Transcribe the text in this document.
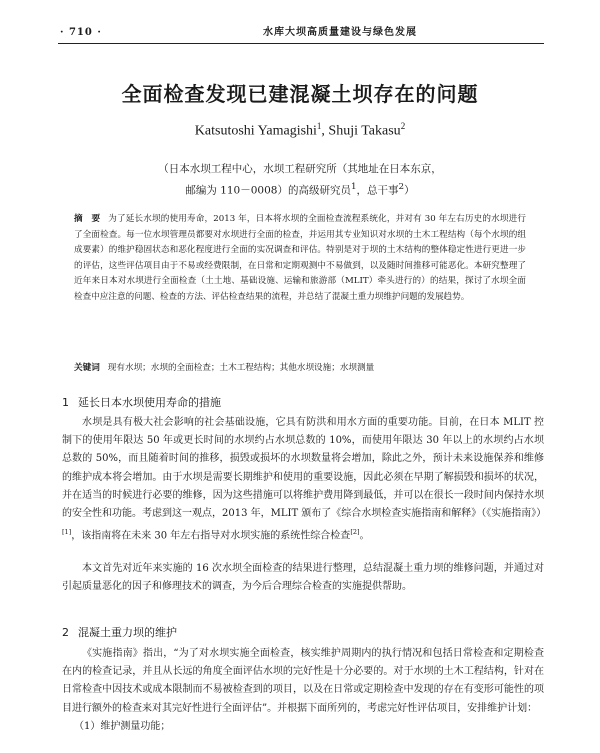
· 710 ·	水库大坝高质量建设与绿色发展
全面检查发现已建混凝土坝存在的问题
Katsutoshi Yamagishi$^1$, Shuji Takasu$^2$
（日本水坝工程中心，水坝工程研究所（其地址在日本东京，
邮编为 110－0008）的高级研究员$^1$，总干事$^2$）
摘　要 为了延长水坝的使用寿命，2013 年，日本将水坝的全面检查流程系统化，并对有 30 年左右历史的水坝进行了全面检查。每一位水坝管理员都要对水坝进行全面的检查，并运用其专业知识对水坝的土木工程结构（每个水坝的组成要素）的维护稳固状态和恶化程度进行全面的实况调查和评估。特别是对于坝的土木结构的整体稳定性进行更进一步的评估，这些评估项目由于不易或经费限制，在日常和定期观测中不易做到，以及随时间推移可能恶化。本研究整理了近年来日本对水坝进行全面检查（土土地、基础设施、运输和旅游部（MLIT）牵头进行的）的结果，探讨了水坝全面检查中应注意的问题、检查的方法、评估检查结果的流程，并总结了混凝土重力坝维护问题的发展趋势。
关键词 现有水坝；水坝的全面检查；土木工程结构；其他水坝设施；水坝测量
1 延长日本水坝使用寿命的措施
水坝是具有极大社会影响的社会基础设施，它具有防洪和用水方面的重要功能。目前，在日本 MLIT 控制下的使用年限达 50 年或更长时间的水坝约占水坝总数的 10%，而使用年限达 30 年以上的水坝约占水坝总数的 50%，而且随着时间的推移，损毁或损坏的水坝数量将会增加，除此之外，预计未来设施保养和维修的维护成本将会增加。由于水坝是需要长期维护和使用的重要设施，因此必须在早期了解损毁和损坏的状况，并在适当的时候进行必要的维修，因为这些措施可以将维护费用降到最低，并可以在很长一段时间内保持水坝的安全性和功能。考虑到这一观点，2013 年，MLIT 颁布了《综合水坝检查实施指南和解释》（《实施指南》）[1]，该指南将在未来 30 年左右指导对水坝实施的系统性综合检查[2]。
本文首先对近年来实施的 16 次水坝全面检查的结果进行整理，总结混凝土重力坝的维修问题，并通过对引起质量恶化的因子和修理技术的调查，为今后合理综合检查的实施提供帮助。
2 混凝土重力坝的维护
《实施指南》指出，“为了对水坝实施全面检查，核实维护周期内的执行情况和包括日常检查和定期检查在内的检查记录，并且从长远的角度全面评估水坝的完好性是十分必要的。对于水坝的土木工程结构，针对在日常检查中因技术或成本限制而不易被检查到的项目，以及在日常或定期检查中发现的存在有变形可能性的项目进行额外的检查来对其完好性进行全面评估”。并根据下面所列的，考虑完好性评估项目，安排维护计划：
（1）维护测量功能；
